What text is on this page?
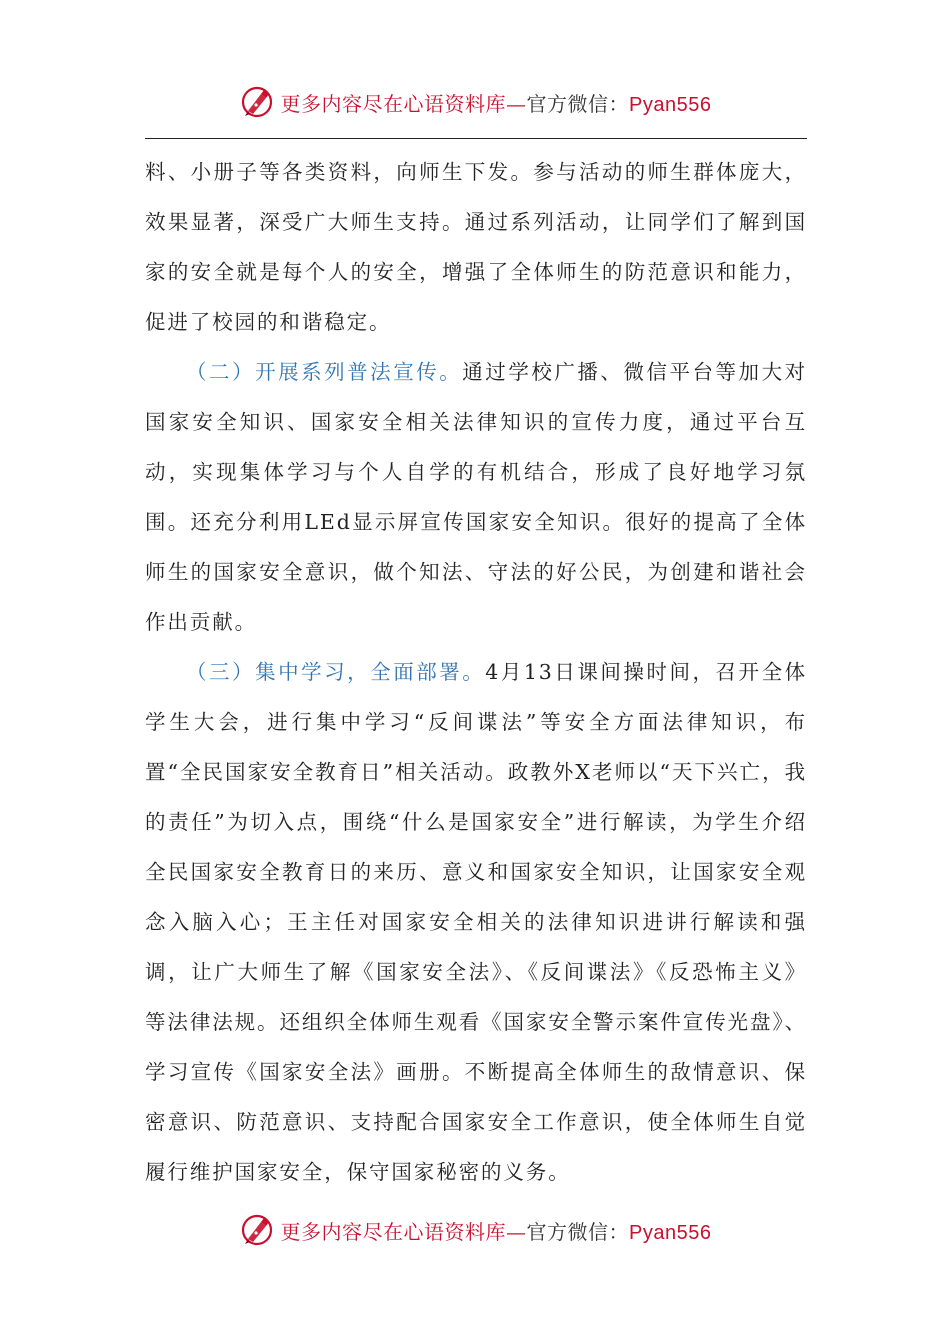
更多内容尽在心语资料库—官方微信：Pyan556

料、小册子等各类资料，向师生下发。参与活动的师生群体庞大，效果显著，深受广大师生支持。通过系列活动，让同学们了解到国家的安全就是每个人的安全，增强了全体师生的防范意识和能力，促进了校园的和谐稳定。

（二）开展系列普法宣传。通过学校广播、微信平台等加大对国家安全知识、国家安全相关法律知识的宣传力度，通过平台互动，实现集体学习与个人自学的有机结合，形成了良好地学习氛围。还充分利用LEd显示屏宣传国家安全知识。很好的提高了全体师生的国家安全意识，做个知法、守法的好公民，为创建和谐社会作出贡献。

（三）集中学习，全面部署。4月13日课间操时间，召开全体学生大会，进行集中学习“反间谍法”等安全方面法律知识，布置“全民国家安全教育日”相关活动。政教外X老师以“天下兴亡，我的责任”为切入点，围绕“什么是国家安全”进行解读，为学生介绍全民国家安全教育日的来历、意义和国家安全知识，让国家安全观念入脑入心；王主任对国家安全相关的法律知识进讲行解读和强调，让广大师生了解《国家安全法》、《反间谍法》《反恐怖主义》等法律法规。还组织全体师生观看《国家安全警示案件宣传光盘》、学习宣传《国家安全法》画册。不断提高全体师生的敌情意识、保密意识、防范意识、支持配合国家安全工作意识，使全体师生自觉履行维护国家安全，保守国家秘密的义务。

更多内容尽在心语资料库—官方微信：Pyan556
